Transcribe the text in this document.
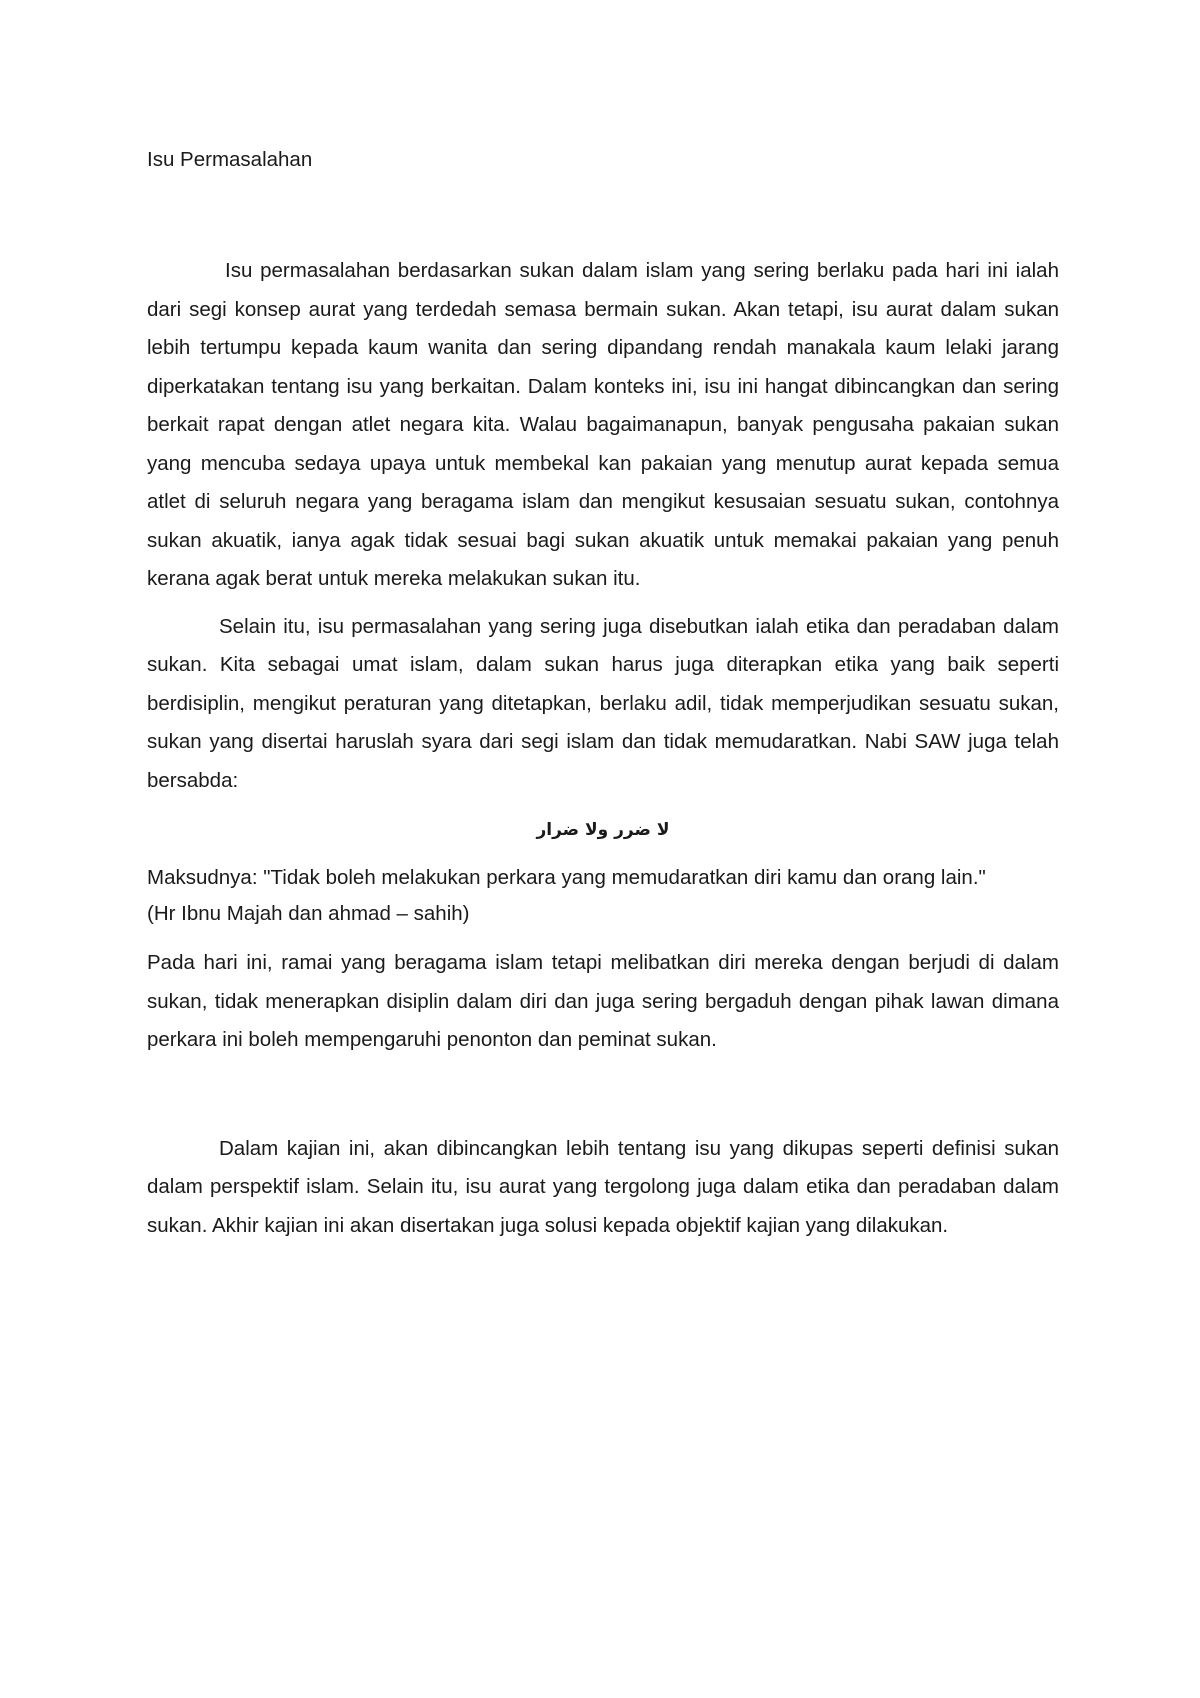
Isu Permasalahan

Isu permasalahan berdasarkan sukan dalam islam yang sering berlaku pada hari ini ialah dari segi konsep aurat yang terdedah semasa bermain sukan. Akan tetapi, isu aurat dalam sukan lebih tertumpu kepada kaum wanita dan sering dipandang rendah manakala kaum lelaki jarang diperkatakan tentang isu yang berkaitan. Dalam konteks ini, isu ini hangat dibincangkan dan sering berkait rapat dengan atlet negara kita. Walau bagaimanapun, banyak pengusaha pakaian sukan yang mencuba sedaya upaya untuk membekal kan pakaian yang menutup aurat kepada semua atlet di seluruh negara yang beragama islam dan mengikut kesusaian sesuatu sukan, contohnya sukan akuatik, ianya agak tidak sesuai bagi sukan akuatik untuk memakai pakaian yang penuh kerana agak berat untuk mereka melakukan sukan itu.

Selain itu, isu permasalahan yang sering juga disebutkan ialah etika dan peradaban dalam sukan. Kita sebagai umat islam, dalam sukan harus juga diterapkan etika yang baik seperti berdisiplin, mengikut peraturan yang ditetapkan, berlaku adil, tidak memperjudikan sesuatu sukan, sukan yang disertai haruslah syara dari segi islam dan tidak memudaratkan. Nabi SAW juga telah bersabda:

لا ضرر ولا ضرار

Maksudnya: "Tidak boleh melakukan perkara yang memudaratkan diri kamu dan orang lain."
(Hr Ibnu Majah dan ahmad – sahih)

Pada hari ini, ramai yang beragama islam tetapi melibatkan diri mereka dengan berjudi di dalam sukan, tidak menerapkan disiplin dalam diri dan juga sering bergaduh dengan pihak lawan dimana perkara ini boleh mempengaruhi penonton dan peminat sukan.

Dalam kajian ini, akan dibincangkan lebih tentang isu yang dikupas seperti definisi sukan dalam perspektif islam. Selain itu, isu aurat yang tergolong juga dalam etika dan peradaban dalam sukan. Akhir kajian ini akan disertakan juga solusi kepada objektif kajian yang dilakukan.
